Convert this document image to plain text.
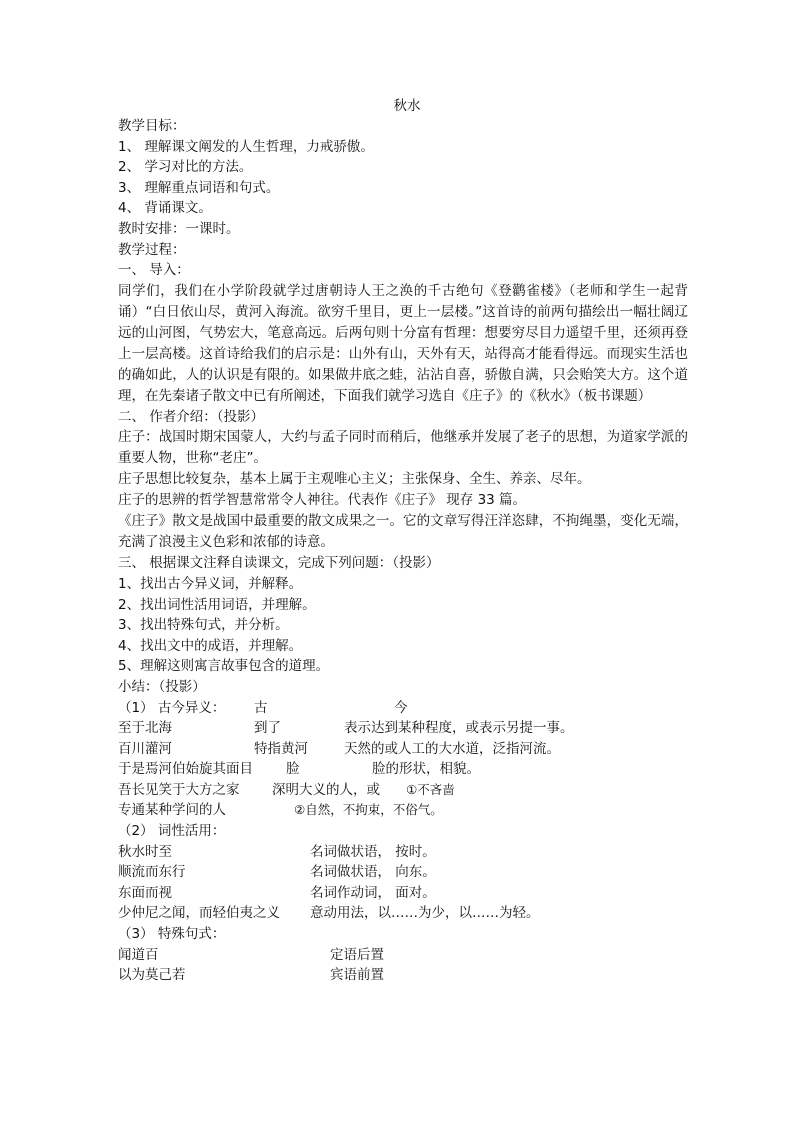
秋水
教学目标：
1、 理解课文阐发的人生哲理，力戒骄傲。
2、 学习对比的方法。
3、 理解重点词语和句式。
4、 背诵课文。
教时安排：一课时。
教学过程：
一、 导入：
同学们，我们在小学阶段就学过唐朝诗人王之涣的千古绝句《登鹳雀楼》（老师和学生一起背诵）“白日依山尽，黄河入海流。欲穷千里目，更上一层楼。”这首诗的前两句描绘出一幅壮阔辽远的山河图，气势宏大，笔意高远。后两句则十分富有哲理：想要穷尽目力遥望千里，还须再登上一层高楼。这首诗给我们的启示是：山外有山，天外有天，站得高才能看得远。而现实生活也的确如此，人的认识是有限的。如果做井底之蛙，沾沾自喜，骄傲自满，只会贻笑大方。这个道理，在先秦诸子散文中已有所阐述，下面我们就学习选自《庄子》的《秋水》（板书课题）
二、 作者介绍：（投影）
庄子：战国时期宋国蒙人，大约与孟子同时而稍后，他继承并发展了老子的思想，为道家学派的重要人物，世称“老庄”。
庄子思想比较复杂，基本上属于主观唯心主义；主张保身、全生、养亲、尽年。
庄子的思辨的哲学智慧常常令人神往。代表作《庄子》 现存 33 篇。
《庄子》散文是战国中最重要的散文成果之一。它的文章写得汪洋恣肆，不拘绳墨，变化无端，充满了浪漫主义色彩和浓郁的诗意。
三、 根据课文注释自读课文，完成下列问题：（投影）
1、找出古今异义词，并解释。
2、找出词性活用词语，并理解。
3、找出特殊句式，并分析。
4、找出文中的成语，并理解。
5、理解这则寓言故事包含的道理。
小结：（投影）
（1） 古今异义：	古	今
至于北海	到了	表示达到某种程度，或表示另提一事。
百川灌河	特指黄河	天然的或人工的大水道，泛指河流。
于是焉河伯始旋其面目	脸	脸的形状，相貌。
吾长见笑于大方之家	深明大义的人，或	①不吝啬
专通某种学问的人	②自然，不拘束，不俗气。
（2） 词性活用：
秋水时至	名词做状语， 按时。
顺流而东行	名词做状语， 向东。
东面而视	名词作动词， 面对。
少仲尼之闻，而轻伯夷之义	意动用法，以……为少，以……为轻。
（3） 特殊句式：
闻道百	定语后置
以为莫己若	宾语前置
